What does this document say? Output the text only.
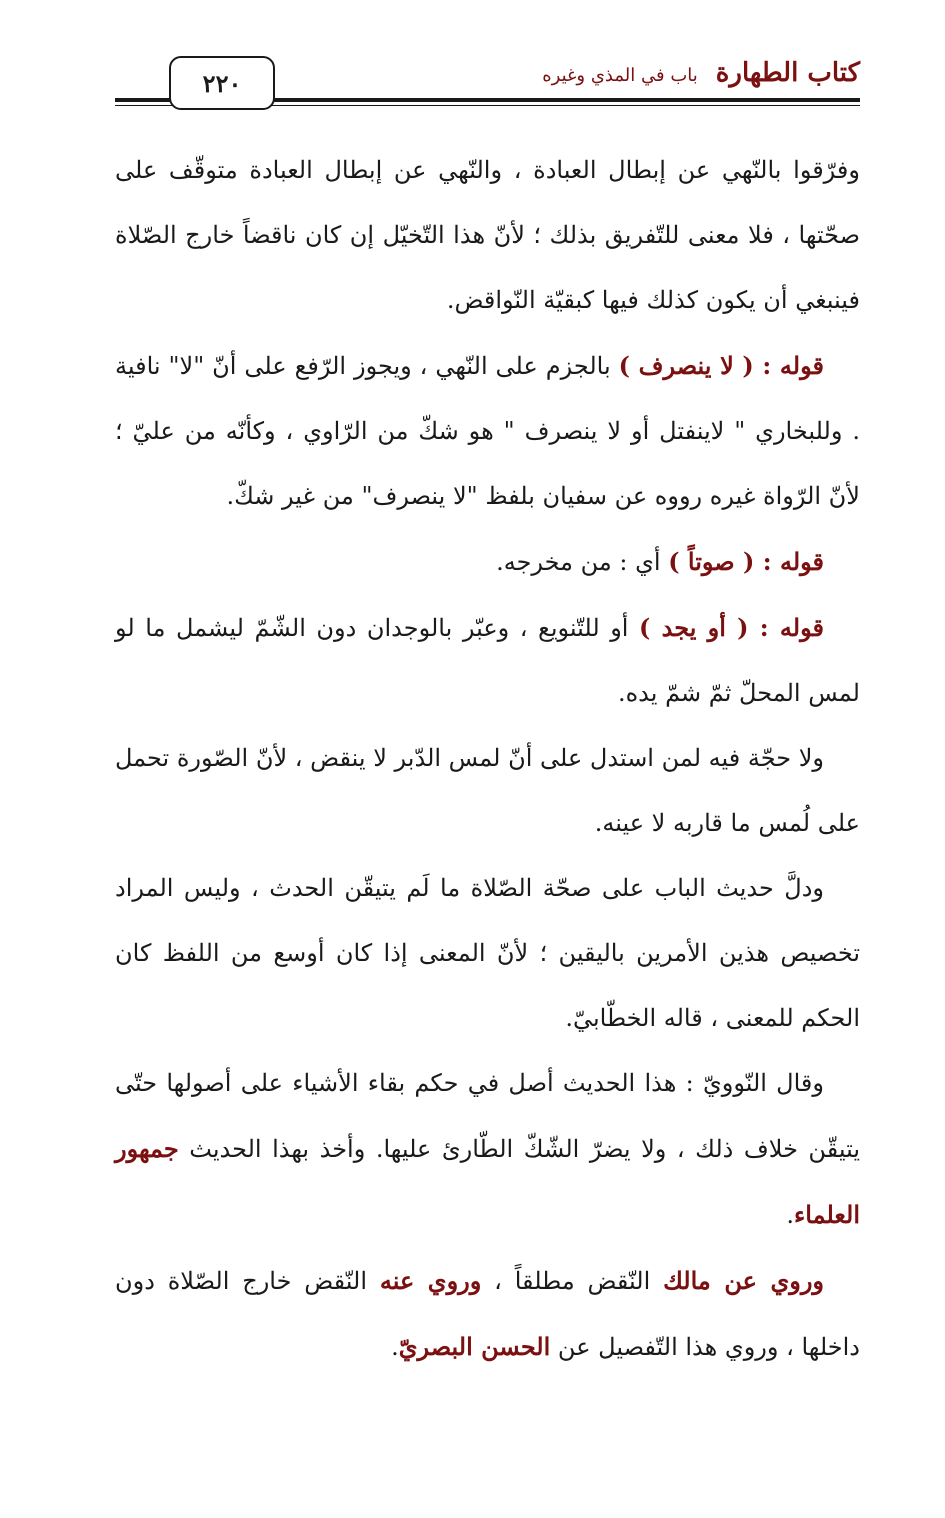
٢٢٠	كتاب الطهارة
باب في المذي وغيره

وفرّقوا بالنّهي عن إبطال العبادة ، والنّهي عن إبطال العبادة متوقّف على صحّتها ، فلا معنى للتّفريق بذلك ؛ لأنّ هذا التّخيّل إن كان ناقضاً خارج الصّلاة فينبغي أن يكون كذلك فيها كبقيّة النّواقض.

قوله : ( لا ينصرف ) بالجزم على النّهي ، ويجوز الرّفع على أنّ "لا" نافية . وللبخاري " لاينفتل أو لا ينصرف " هو شكّ من الرّاوي ، وكأنّه من عليّ ؛ لأنّ الرّواة غيره رووه عن سفيان بلفظ "لا ينصرف" من غير شكّ.

قوله : ( صوتاً ) أي : من مخرجه.

قوله : ( أو يجد ) أو للتّنويع ، وعبّر بالوجدان دون الشّمّ ليشمل ما لو لمس المحلّ ثمّ شمّ يده.

ولا حجّة فيه لمن استدل على أنّ لمس الدّبر لا ينقض ، لأنّ الصّورة تحمل على لُمس ما قاربه لا عينه.

ودلَّ حديث الباب على صحّة الصّلاة ما لَم يتيقّن الحدث ، وليس المراد تخصيص هذين الأمرين باليقين ؛ لأنّ المعنى إذا كان أوسع من اللفظ كان الحكم للمعنى ، قاله الخطّابيّ.

وقال النّوويّ : هذا الحديث أصل في حكم بقاء الأشياء على أصولها حتّى يتيقّن خلاف ذلك ، ولا يضرّ الشّكّ الطّارئ عليها. وأخذ بهذا الحديث جمهور العلماء.

وروي عن مالك النّقض مطلقاً ، وروي عنه النّقض خارج الصّلاة دون داخلها ، وروي هذا التّفصيل عن الحسن البصريّ.
